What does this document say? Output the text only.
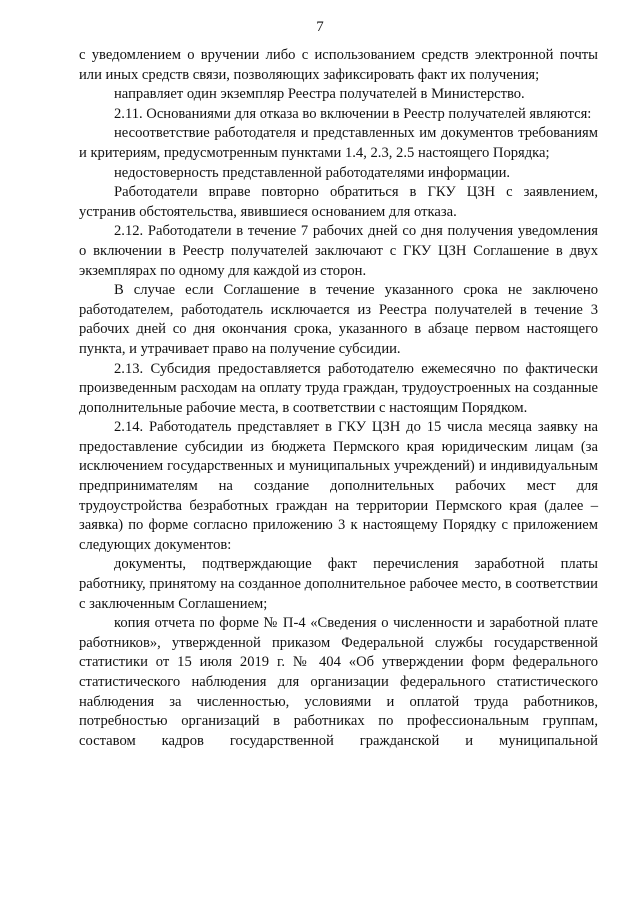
7

с уведомлением о вручении либо с использованием средств электронной почты или иных средств связи, позволяющих зафиксировать факт их получения;

направляет один экземпляр Реестра получателей в Министерство.

2.11. Основаниями для отказа во включении в Реестр получателей являются:

несоответствие работодателя и представленных им документов требованиям и критериям, предусмотренным пунктами 1.4, 2.3, 2.5 настоящего Порядка;

недостоверность представленной работодателями информации.

Работодатели вправе повторно обратиться в ГКУ ЦЗН с заявлением, устранив обстоятельства, явившиеся основанием для отказа.

2.12. Работодатели в течение 7 рабочих дней со дня получения уведомления о включении в Реестр получателей заключают с ГКУ ЦЗН Соглашение в двух экземплярах по одному для каждой из сторон.

В случае если Соглашение в течение указанного срока не заключено работодателем, работодатель исключается из Реестра получателей в течение 3 рабочих дней со дня окончания срока, указанного в абзаце первом настоящего пункта, и утрачивает право на получение субсидии.

2.13. Субсидия предоставляется работодателю ежемесячно по фактически произведенным расходам на оплату труда граждан, трудоустроенных на созданные дополнительные рабочие места, в соответствии с настоящим Порядком.

2.14. Работодатель представляет в ГКУ ЦЗН до 15 числа месяца заявку на предоставление субсидии из бюджета Пермского края юридическим лицам (за исключением государственных и муниципальных учреждений) и индивидуальным предпринимателям на создание дополнительных рабочих мест для трудоустройства безработных граждан на территории Пермского края (далее – заявка) по форме согласно приложению 3 к настоящему Порядку с приложением следующих документов:

документы, подтверждающие факт перечисления заработной платы работнику, принятому на созданное дополнительное рабочее место, в соответствии с заключенным Соглашением;

копия отчета по форме № П-4 «Сведения о численности и заработной плате работников», утвержденной приказом Федеральной службы государственной статистики от 15 июля 2019 г. № 404 «Об утверждении форм федерального статистического наблюдения для организации федерального статистического наблюдения за численностью, условиями и оплатой труда работников, потребностью организаций в работниках по профессиональным группам, составом кадров государственной гражданской и муниципальной
